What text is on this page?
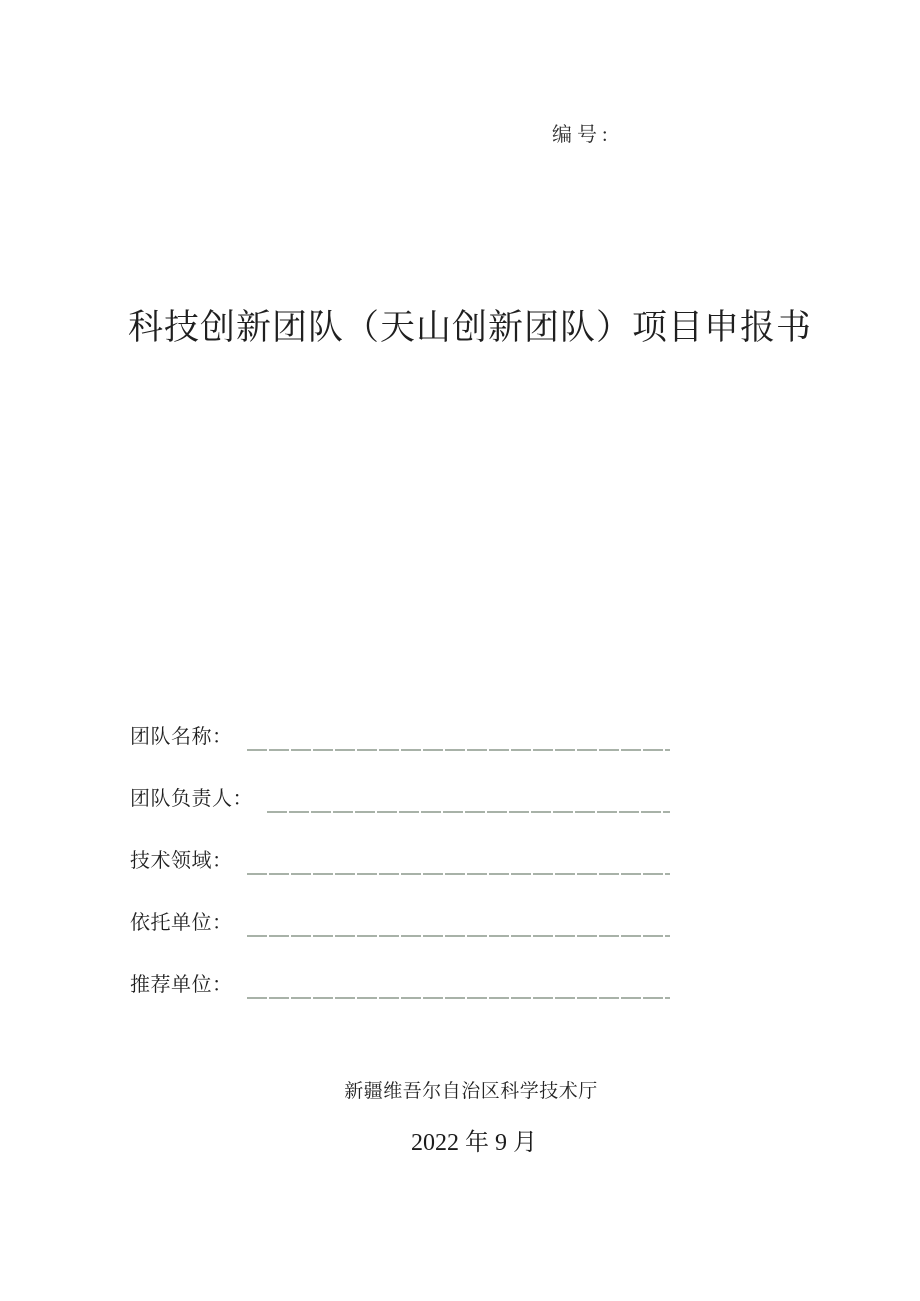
编号:
科技创新团队（天山创新团队）项目申报书
团队名称：
团队负责人：
技术领域：
依托单位：
推荐单位：
新疆维吾尔自治区科学技术厅
2022 年 9 月
